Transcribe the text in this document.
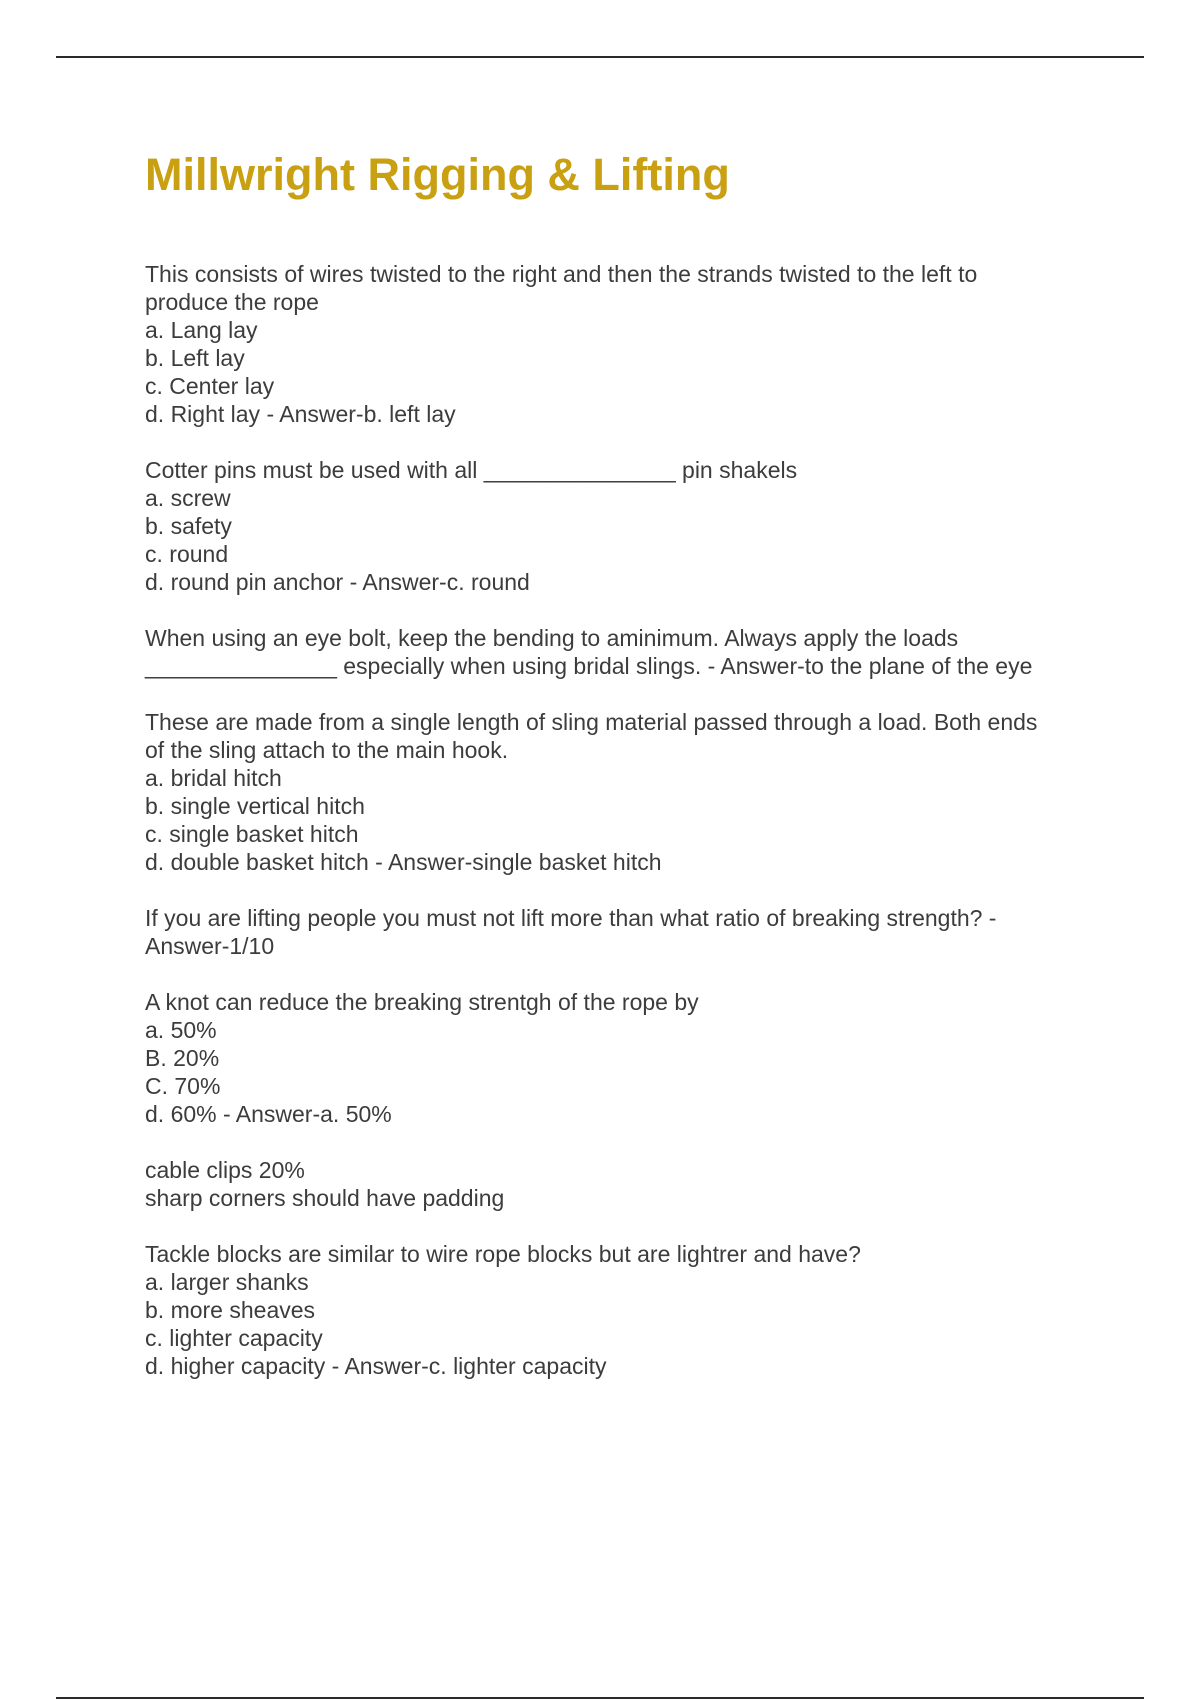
Millwright Rigging & Lifting

This consists of wires twisted to the right and then the strands twisted to the left to

produce the rope

a. Lang lay

b. Left lay

c. Center lay

d. Right lay - Answer-b. left lay

Cotter pins must be used with all _______________ pin shakels

a. screw

b. safety

c. round

d. round pin anchor - Answer-c. round

When using an eye bolt, keep the bending to aminimum. Always apply the loads

_______________ especially when using bridal slings. - Answer-to the plane of the eye

These are made from a single length of sling material passed through a load. Both ends

of the sling attach to the main hook.

a. bridal hitch

b. single vertical hitch

c. single basket hitch

d. double basket hitch - Answer-single basket hitch

If you are lifting people you must not lift more than what ratio of breaking strength? -

Answer-1/10

A knot can reduce the breaking strentgh of the rope by

a. 50%

B. 20%

C. 70%

d. 60% - Answer-a. 50%

cable clips 20%

sharp corners should have padding

Tackle blocks are similar to wire rope blocks but are lightrer and have?

a. larger shanks

b. more sheaves

c. lighter capacity

d. higher capacity - Answer-c. lighter capacity
